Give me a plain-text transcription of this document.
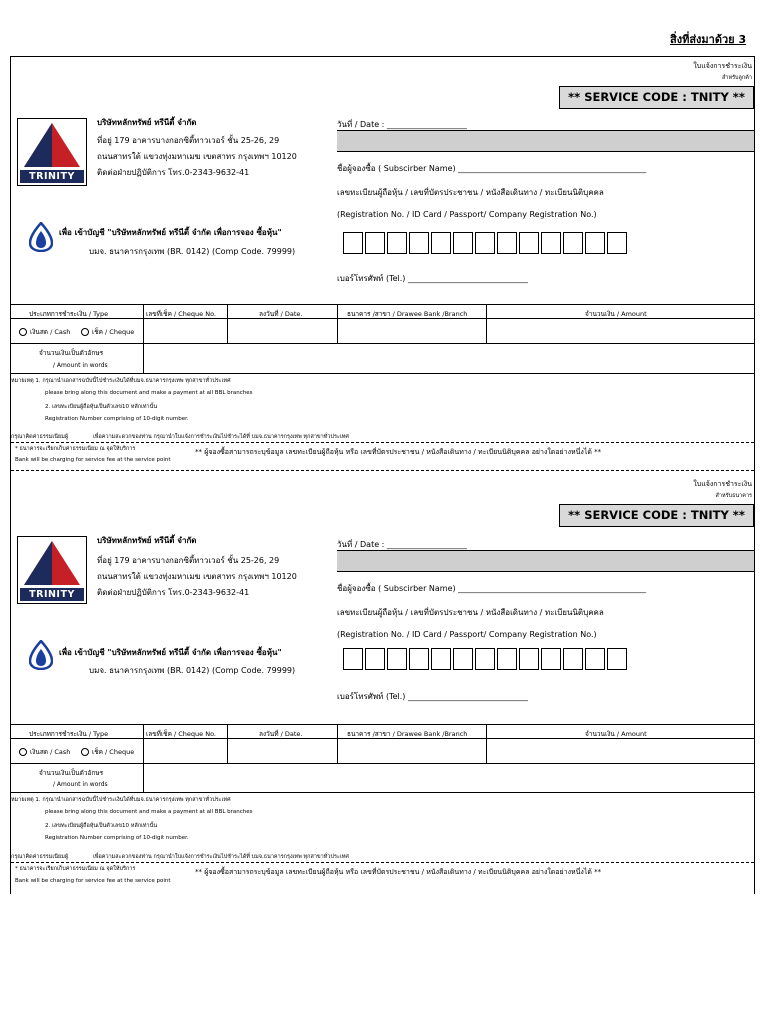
สิ่งที่ส่งมาด้วย 3
ใบแจ้งการชำระเงิน
สำหรับลูกค้า
** SERVICE CODE : TNITY **
TRINITY
บริษัทหลักทรัพย์ ทรีนีตี้ จำกัด
ที่อยู่ 179 อาคารบางกอกซิตี้ทาวเวอร์ ชั้น 25-26, 29
ถนนสาทรใต้ แขวงทุ่งมหาเมฆ เขตสาทร กรุงเทพฯ 10120
ติดต่อฝ่ายปฏิบัติการ โทร.0-2343-9632-41
วันที่ / Date : ____________________
ชื่อผู้จองซื้อ ( Subscirber Name) _______________________________________________
เลขทะเบียนผู้ถือหุ้น / เลขที่บัตรประชาชน / หนังสือเดินทาง / ทะเบียนนิติบุคคล
(Registration No. / ID Card / Passport/ Company Registration No.)
เพื่อ เข้าบัญชี "บริษัทหลักทรัพย์ ทรีนีตี้ จำกัด เพื่อการจอง ซื้อหุ้น"
บมจ. ธนาคารกรุงเทพ (BR. 0142) (Comp Code. 79999)
เบอร์โทรศัพท์ (Tel.) ______________________________
ประเภทการชำระเงิน / Type	เลขที่เช็ค / Cheque No.	ลงวันที่ / Date.	ธนาคาร /สาขา / Drawee Bank /Branch	จำนวนเงิน / Amount
เงินสด / Cash	เช็ค / Cheque
จำนวนเงินเป็นตัวอักษร
/ Amount in words
หมายเหตุ 1. กรุณานำเอกสารฉบับนี้ไปชำระเงินได้ที่บมจ.ธนาคารกรุงเทพ ทุกสาขาทั่วประเทศ
please bring along this document and make a payment at all BBL branches
2. เลขทะเบียนผู้ถือหุ้นเป็นตัวเลข10 หลักเท่านั้น
Registration Number comprising of 10-digit number.
กรุณาคิดค่าธรรมเนียมผู้	เพื่อความสะดวกของท่าน กรุณานำใบแจ้งการชำระเงินไปชำระได้ที่ บมจ.ธนาคารกรุงเทพ ทุกสาขาทั่วประเทศ
* ธนาคารจะเรียกเก็บค่าธรรมเนียม ณ จุดให้บริการ
Bank will be charging for service fee at the service point
** ผู้จองซื้อสามารถระบุข้อมูล เลขทะเบียนผู้ถือหุ้น หรือ เลขที่บัตรประชาชน / หนังสือเดินทาง / ทะเบียนนิติบุคคล อย่างใดอย่างหนึ่งได้ **
ใบแจ้งการชำระเงิน
สำหรับธนาคาร
** SERVICE CODE : TNITY **
TRINITY
บริษัทหลักทรัพย์ ทรีนีตี้ จำกัด
ที่อยู่ 179 อาคารบางกอกซิตี้ทาวเวอร์ ชั้น 25-26, 29
ถนนสาทรใต้ แขวงทุ่งมหาเมฆ เขตสาทร กรุงเทพฯ 10120
ติดต่อฝ่ายปฏิบัติการ โทร.0-2343-9632-41
วันที่ / Date : ____________________
ชื่อผู้จองซื้อ ( Subscirber Name) _______________________________________________
เลขทะเบียนผู้ถือหุ้น / เลขที่บัตรประชาชน / หนังสือเดินทาง / ทะเบียนนิติบุคคล
(Registration No. / ID Card / Passport/ Company Registration No.)
เพื่อ เข้าบัญชี "บริษัทหลักทรัพย์ ทรีนีตี้ จำกัด เพื่อการจอง ซื้อหุ้น"
บมจ. ธนาคารกรุงเทพ (BR. 0142) (Comp Code. 79999)
เบอร์โทรศัพท์ (Tel.) ______________________________
ประเภทการชำระเงิน / Type	เลขที่เช็ค / Cheque No.	ลงวันที่ / Date.	ธนาคาร /สาขา / Drawee Bank /Branch	จำนวนเงิน / Amount
เงินสด / Cash	เช็ค / Cheque
จำนวนเงินเป็นตัวอักษร
/ Amount in words
หมายเหตุ 1. กรุณานำเอกสารฉบับนี้ไปชำระเงินได้ที่บมจ.ธนาคารกรุงเทพ ทุกสาขาทั่วประเทศ
please bring along this document and make a payment at all BBL branches
2. เลขทะเบียนผู้ถือหุ้นเป็นตัวเลข10 หลักเท่านั้น
Registration Number comprising of 10-digit number.
กรุณาคิดค่าธรรมเนียมผู้	เพื่อความสะดวกของท่าน กรุณานำใบแจ้งการชำระเงินไปชำระได้ที่ บมจ.ธนาคารกรุงเทพ ทุกสาขาทั่วประเทศ
* ธนาคารจะเรียกเก็บค่าธรรมเนียม ณ จุดให้บริการ
Bank will be charging for service fee at the service point
** ผู้จองซื้อสามารถระบุข้อมูล เลขทะเบียนผู้ถือหุ้น หรือ เลขที่บัตรประชาชน / หนังสือเดินทาง / ทะเบียนนิติบุคคล อย่างใดอย่างหนึ่งได้ **
